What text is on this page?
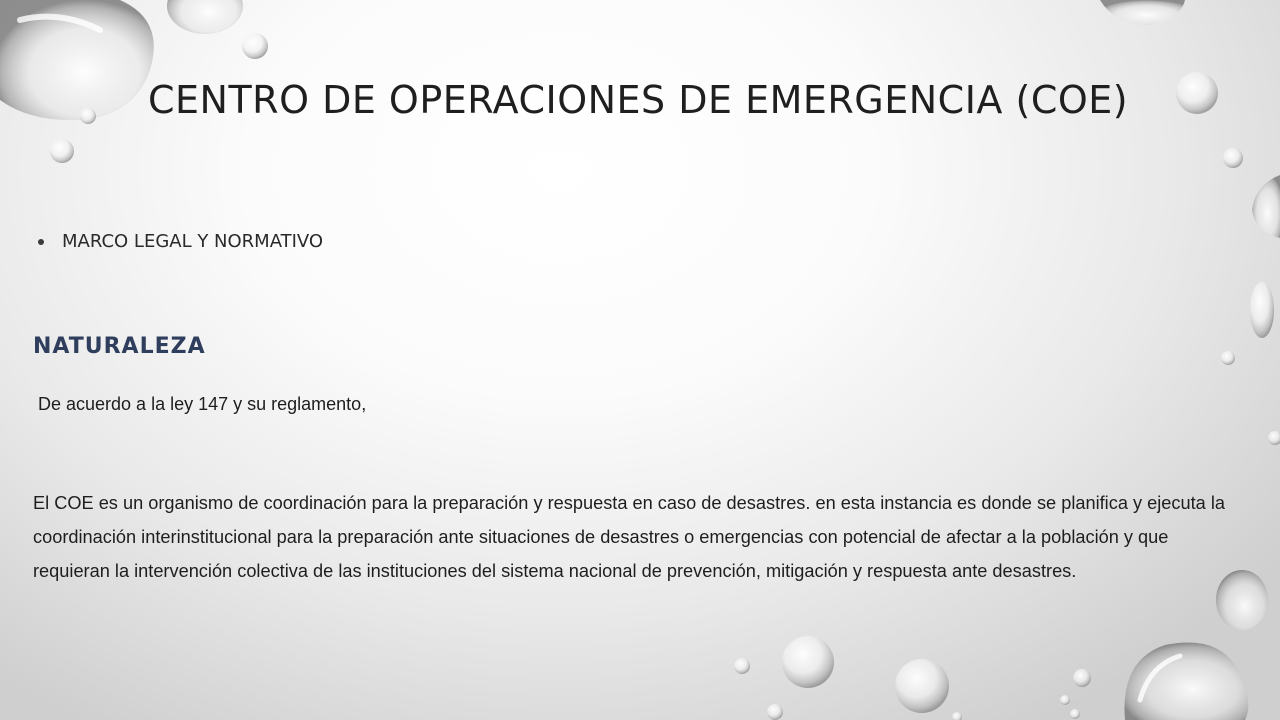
CENTRO DE OPERACIONES DE EMERGENCIA (COE)
MARCO LEGAL Y NORMATIVO
NATURALEZA
De acuerdo a la ley 147 y su reglamento,

El COE es un organismo de coordinación para la preparación y respuesta en caso de desastres. en esta instancia es donde se planifica y ejecuta la coordinación interinstitucional para la preparación ante situaciones de desastres o emergencias con potencial de afectar a la población y que requieran la intervención colectiva de las instituciones del sistema nacional de prevención, mitigación y respuesta ante desastres.
